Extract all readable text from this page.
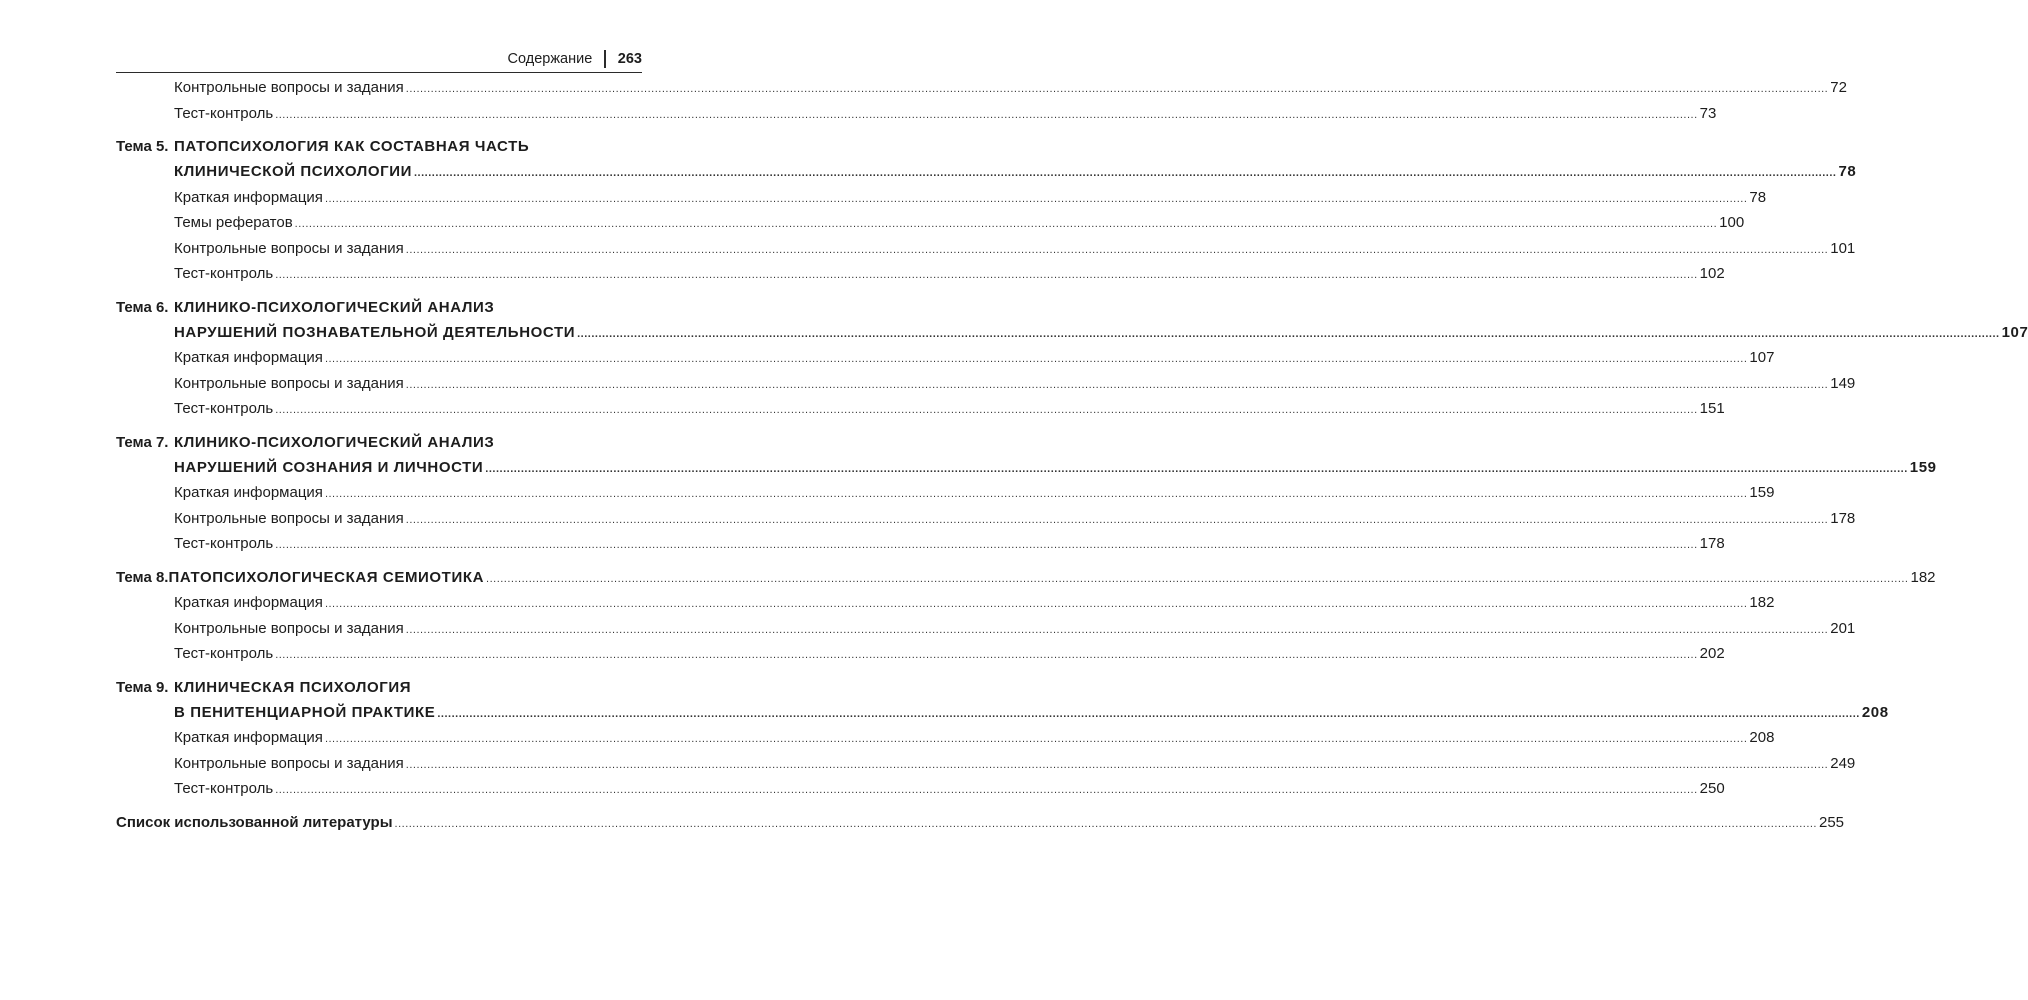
Содержание 263
Контрольные вопросы и задания ................................................................................................................................................................................................................................................................................................................................................................................................................ 72
Тест-контроль ................................................................................................................................................................................................................................................................................................................................................................................................................ 73
Тема 5. ПАТОПСИХОЛОГИЯ КАК СОСТАВНАЯ ЧАСТЬ
КЛИНИЧЕСКОЙ ПСИХОЛОГИИ ................................................................................................................................................................................................................................................................................................................................................................................................................ 78
Краткая информация ................................................................................................................................................................................................................................................................................................................................................................................................................ 78
Темы рефератов ................................................................................................................................................................................................................................................................................................................................................................................................................ 100
Контрольные вопросы и задания ................................................................................................................................................................................................................................................................................................................................................................................................................ 101
Тест-контроль ................................................................................................................................................................................................................................................................................................................................................................................................................ 102
Тема 6. КЛИНИКО-ПСИХОЛОГИЧЕСКИЙ АНАЛИЗ
НАРУШЕНИЙ ПОЗНАВАТЕЛЬНОЙ ДЕЯТЕЛЬНОСТИ ................................................................................................................................................................................................................................................................................................................................................................................................................ 107
Краткая информация ................................................................................................................................................................................................................................................................................................................................................................................................................ 107
Контрольные вопросы и задания ................................................................................................................................................................................................................................................................................................................................................................................................................ 149
Тест-контроль ................................................................................................................................................................................................................................................................................................................................................................................................................ 151
Тема 7. КЛИНИКО-ПСИХОЛОГИЧЕСКИЙ АНАЛИЗ
НАРУШЕНИЙ СОЗНАНИЯ И ЛИЧНОСТИ ................................................................................................................................................................................................................................................................................................................................................................................................................ 159
Краткая информация ................................................................................................................................................................................................................................................................................................................................................................................................................ 159
Контрольные вопросы и задания ................................................................................................................................................................................................................................................................................................................................................................................................................ 178
Тест-контроль ................................................................................................................................................................................................................................................................................................................................................................................................................ 178
Тема 8. ПАТОПСИХОЛОГИЧЕСКАЯ СЕМИОТИКА ................................................................................................................................................................................................................................................................................................................................................................................................................ 182
Краткая информация ................................................................................................................................................................................................................................................................................................................................................................................................................ 182
Контрольные вопросы и задания ................................................................................................................................................................................................................................................................................................................................................................................................................ 201
Тест-контроль ................................................................................................................................................................................................................................................................................................................................................................................................................ 202
Тема 9. КЛИНИЧЕСКАЯ ПСИХОЛОГИЯ
В ПЕНИТЕНЦИАРНОЙ ПРАКТИКЕ ................................................................................................................................................................................................................................................................................................................................................................................................................ 208
Краткая информация ................................................................................................................................................................................................................................................................................................................................................................................................................ 208
Контрольные вопросы и задания ................................................................................................................................................................................................................................................................................................................................................................................................................ 249
Тест-контроль ................................................................................................................................................................................................................................................................................................................................................................................................................ 250
Список использованной литературы ................................................................................................................................................................................................................................................................................................................................................................................................................ 255
